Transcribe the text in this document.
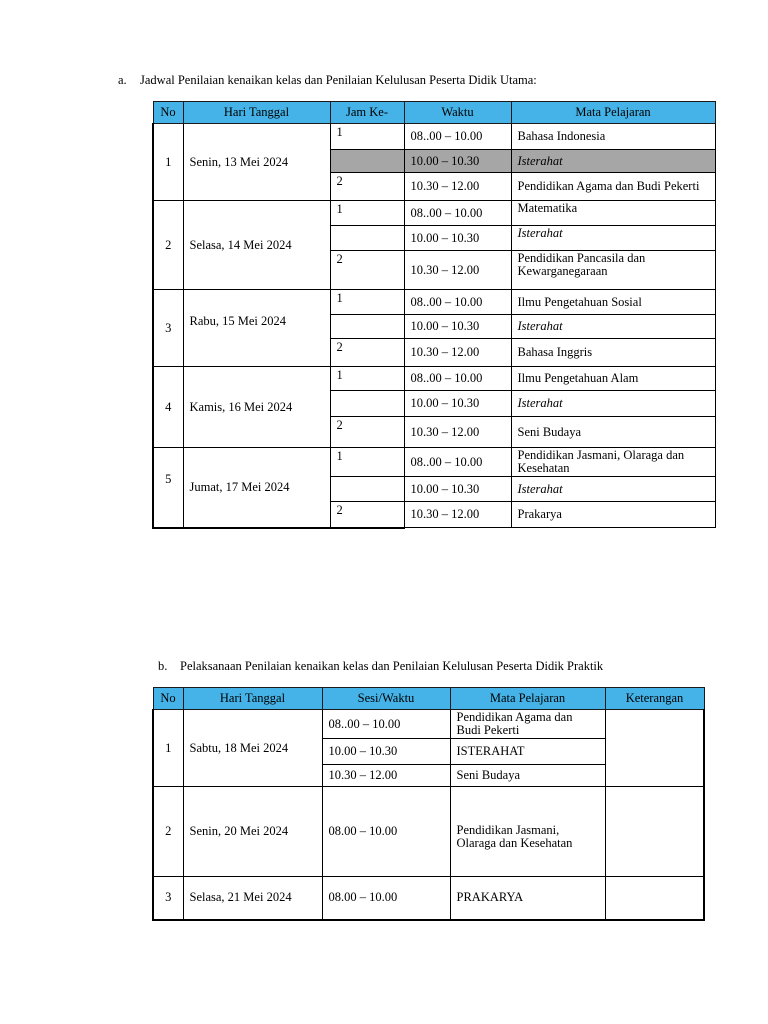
a. Jadwal Penilaian kenaikan kelas dan Penilaian Kelulusan Peserta Didik Utama:
No	Hari Tanggal	Jam Ke-	Waktu	Mata Pelajaran
1	Senin, 13 Mei 2024	1	08..00 – 10.00	Bahasa Indonesia
			10.00 – 10.30	Isterahat
		2	10.30 – 12.00	Pendidikan Agama dan Budi Pekerti
2	Selasa, 14 Mei 2024	1	08..00 – 10.00	Matematika
			10.00 – 10.30	Isterahat
		2	10.30 – 12.00	Pendidikan Pancasila dan Kewarganegaraan
3	Rabu, 15 Mei 2024	1	08..00 – 10.00	Ilmu Pengetahuan Sosial
			10.00 – 10.30	Isterahat
		2	10.30 – 12.00	Bahasa Inggris
4	Kamis, 16 Mei 2024	1	08..00 – 10.00	Ilmu Pengetahuan Alam
			10.00 – 10.30	Isterahat
		2	10.30 – 12.00	Seni Budaya
5	Jumat, 17 Mei 2024	1	08..00 – 10.00	Pendidikan Jasmani, Olaraga dan Kesehatan
			10.00 – 10.30	Isterahat
		2	10.30 – 12.00	Prakarya
b. Pelaksanaan Penilaian kenaikan kelas dan Penilaian Kelulusan Peserta Didik Praktik
No	Hari Tanggal	Sesi/Waktu	Mata Pelajaran	Keterangan
1	Sabtu, 18 Mei 2024	08..00 – 10.00	Pendidikan Agama dan Budi Pekerti	
		10.00 – 10.30	ISTERAHAT	
		10.30 – 12.00	Seni Budaya	
2	Senin, 20 Mei 2024	08.00 – 10.00	Pendidikan Jasmani, Olaraga dan Kesehatan	
3	Selasa, 21 Mei 2024	08.00 – 10.00	PRAKARYA	
